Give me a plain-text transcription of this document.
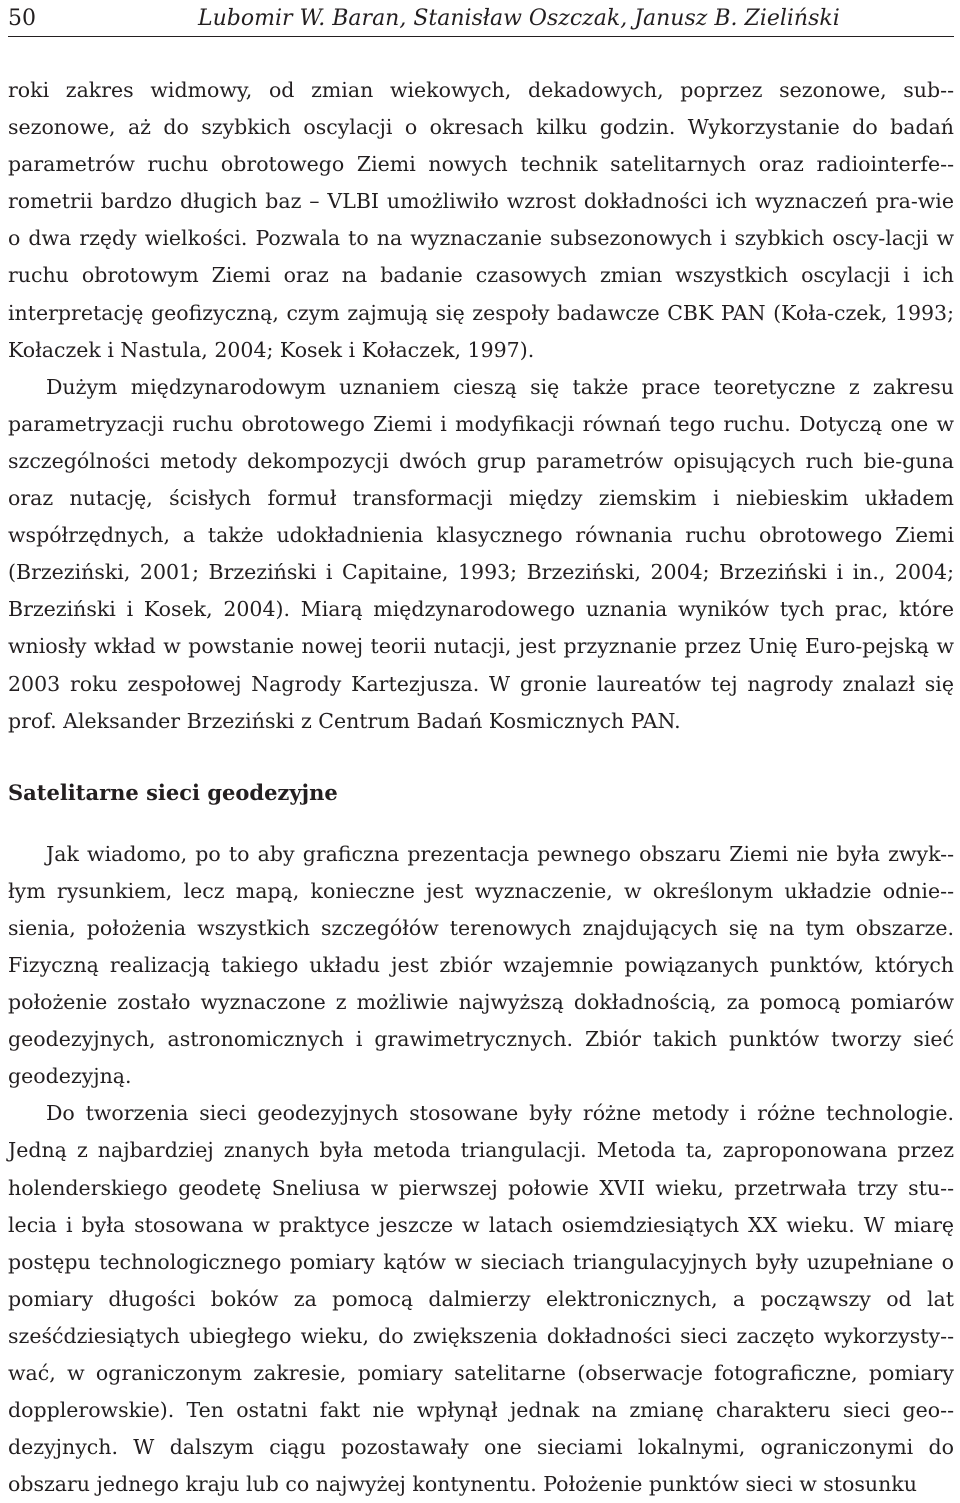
50	Lubomir W. Baran, Stanisław Oszczak, Janusz B. Zieliński

roki zakres widmowy, od zmian wiekowych, dekadowych, poprzez sezonowe, sub-sezonowe, aż do szybkich oscylacji o okresach kilku godzin. Wykorzystanie do badań parametrów ruchu obrotowego Ziemi nowych technik satelitarnych oraz radiointerfe-rometrii bardzo długich baz – VLBI umożliwiło wzrost dokładności ich wyznaczeń pra-wie o dwa rzędy wielkości. Pozwala to na wyznaczanie subsezonowych i szybkich oscy-lacji w ruchu obrotowym Ziemi oraz na badanie czasowych zmian wszystkich oscylacji i ich interpretację geofizyczną, czym zajmują się zespoły badawcze CBK PAN (Koła-czek, 1993; Kołaczek i Nastula, 2004; Kosek i Kołaczek, 1997).

Dużym międzynarodowym uznaniem cieszą się także prace teoretyczne z zakresu parametryzacji ruchu obrotowego Ziemi i modyfikacji równań tego ruchu. Dotyczą one w szczególności metody dekompozycji dwóch grup parametrów opisujących ruch bie-guna oraz nutację, ścisłych formuł transformacji między ziemskim i niebieskim układem współrzędnych, a także udokładnienia klasycznego równania ruchu obrotowego Ziemi (Brzeziński, 2001; Brzeziński i Capitaine, 1993; Brzeziński, 2004; Brzeziński i in., 2004; Brzeziński i Kosek, 2004). Miarą międzynarodowego uznania wyników tych prac, które wniosły wkład w powstanie nowej teorii nutacji, jest przyznanie przez Unię Euro-pejską w 2003 roku zespołowej Nagrody Kartezjusza. W gronie laureatów tej nagrody znalazł się prof. Aleksander Brzeziński z Centrum Badań Kosmicznych PAN.

Satelitarne sieci geodezyjne

Jak wiadomo, po to aby graficzna prezentacja pewnego obszaru Ziemi nie była zwyk-łym rysunkiem, lecz mapą, konieczne jest wyznaczenie, w określonym układzie odnie-sienia, położenia wszystkich szczegółów terenowych znajdujących się na tym obszarze. Fizyczną realizacją takiego układu jest zbiór wzajemnie powiązanych punktów, których położenie zostało wyznaczone z możliwie najwyższą dokładnością, za pomocą pomiarów geodezyjnych, astronomicznych i grawimetrycznych. Zbiór takich punktów tworzy sieć geodezyjną.

Do tworzenia sieci geodezyjnych stosowane były różne metody i różne technologie. Jedną z najbardziej znanych była metoda triangulacji. Metoda ta, zaproponowana przez holenderskiego geodetę Sneliusa w pierwszej połowie XVII wieku, przetrwała trzy stu-lecia i była stosowana w praktyce jeszcze w latach osiemdziesiątych XX wieku. W miarę postępu technologicznego pomiary kątów w sieciach triangulacyjnych były uzupełniane o pomiary długości boków za pomocą dalmierzy elektronicznych, a począwszy od lat sześćdziesiątych ubiegłego wieku, do zwiększenia dokładności sieci zaczęto wykorzysty-wać, w ograniczonym zakresie, pomiary satelitarne (obserwacje fotograficzne, pomiary dopplerowskie). Ten ostatni fakt nie wpłynął jednak na zmianę charakteru sieci geo-dezyjnych. W dalszym ciągu pozostawały one sieciami lokalnymi, ograniczonymi do obszaru jednego kraju lub co najwyżej kontynentu. Położenie punktów sieci w stosunku
